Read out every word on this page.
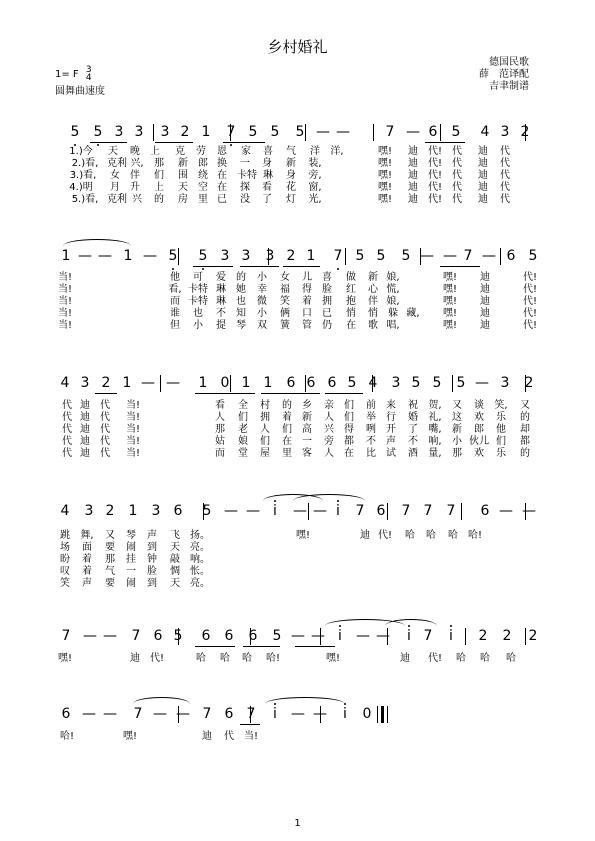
乡村婚礼
1= F 3
4
圆舞曲速度
德国民歌
薛　范译配
吉聿制谱
5 5 3 3 3 2 1 7 5 5 5 — —	7 — 6 5 4 3 2
1.)今 天 晚 上 克 劳 恩 家 喜 气 洋 洋,	嘿! 迪 代! 代 迪 代
2.)看, 克利 兴, 那 新 郎 换 一 身 新 装,	嘿! 迪 代! 代 迪 代
3.)看, 女 伴 们 围 绕 在 卡特 琳 身 旁,	嘿! 迪 代! 代 迪 代
4.)明 月 升 上 天 空 在 探 看 花 窗,	嘿! 迪 代! 代 迪 代
5.)看, 克利 兴 的 房 里 已 没 了 灯 光,	嘿! 迪 代! 代 迪 代
1 — — 1 — 5 5 3 3 3 2 1 7 5 5 5 — — 7 — 6 5
当!	他 可 爱 的 小 女 儿 喜 做 新 娘,	嘿! 迪	代!
当!	看, 卡特 琳 她 幸 福 得 脸 红 心 慌,	嘿! 迪	代!
当!	而 卡特 琳 也 微 笑 着 拥 抱 伴 娘,	嘿! 迪	代!
当!	谁 也 不 知 小 俩 口 已 悄 悄 躲 藏, 嘿! 迪	代!
当!	但 小 提 琴 双 簧 管 仍 在 歌 唱,	嘿! 迪	代!
4 3 2 1 — — 1 0 1 1 6 6 6 5 4 3 5 5 5 — 3 2
代 迪 代 当!	看 全 村 的 乡 亲 们 前 来 祝 贺, 又 谈 笑, 又
代 迪 代 当!	人 们 拥 着 新 人 们 举 行 婚 礼, 这 欢 乐 的
代 迪 代 当!	那 老 人 们 高 兴 得 咧 开 了 嘴, 新 郎 他 却
代 迪 代 当!	姑 娘 们 在 一 旁 都 不 声 不 响, 小 伙儿 们 都
代 迪 代 当!	而 堂 屋 里 客 人 在 比 试 酒 量, 那 欢 乐 的
4 3 2 1 3 6 5 — — i — — i 7 6 7 7 7 6 — —
跳 舞, 又 琴 声 飞 扬。	嘿!	迪 代! 哈 哈 哈 哈!
场 面 要 闹 到 天 亮。
盼 着 那 挂 钟 敲 响。
叹 着 气 一 脸 惆 怅。
笑 声 要 闹 到 天 亮。
7 — — 7 6 5 6 6 6 5 — — i — — i 7 i 2 2 2
嘿!	迪 代!	哈 哈 哈 哈!	嘿!	迪 代! 哈 哈 哈
6 — — 7 — — 7 6 7 i — — i 0
哈!	嘿!	迪 代 当!
1
